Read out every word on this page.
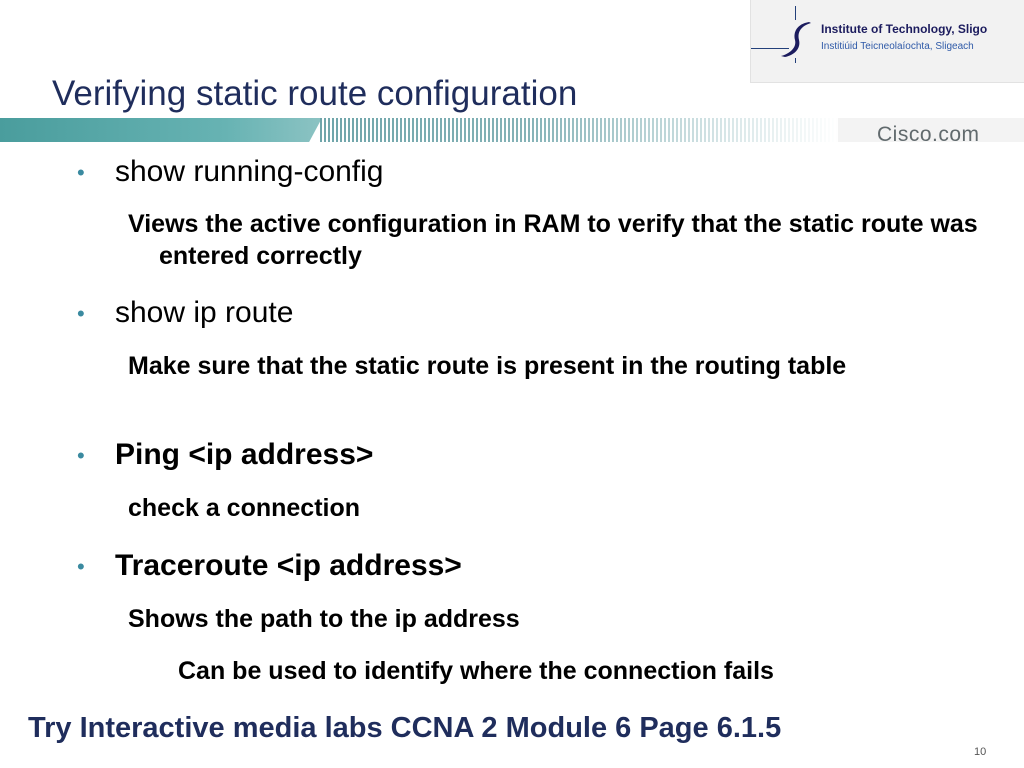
Institute of Technology, Sligo
Institiúid Teicneolaíochta, Sligeach
Verifying static route configuration
Cisco.com
• show running-config
Views the active configuration in RAM to verify that the static route was entered correctly
• show ip route
Make sure that the static route is present in the routing table
• Ping <ip address>
check a connection
• Traceroute <ip address>
Shows the path to the ip address
Can be used to identify where the connection fails
Try Interactive media labs CCNA 2 Module 6 Page 6.1.5
10
